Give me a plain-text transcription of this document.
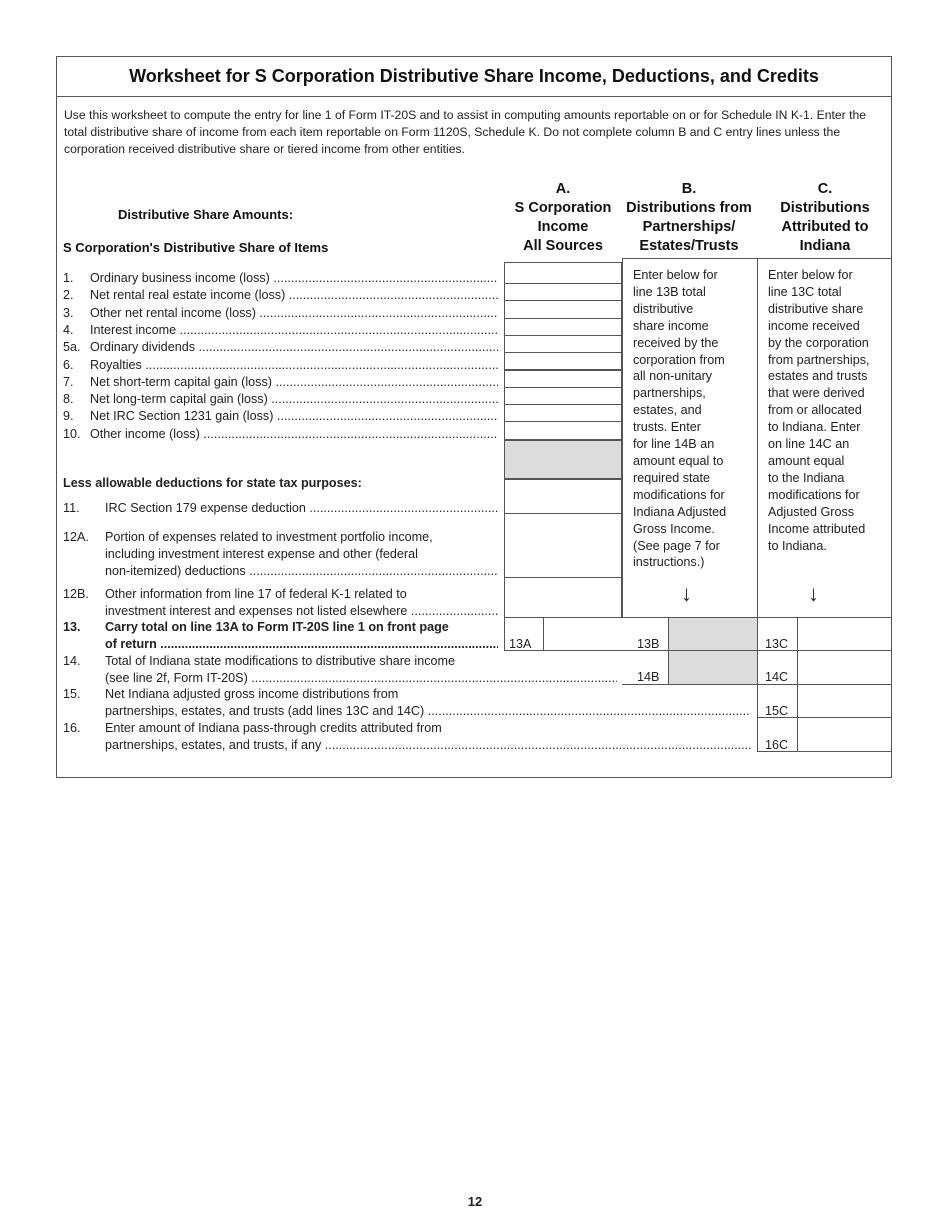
Worksheet for S Corporation Distributive Share Income, Deductions, and Credits
Use this worksheet to compute the entry for line 1 of Form IT-20S and to assist in computing amounts reportable on or for Schedule IN K-1. Enter the total distributive share of income from each item reportable on Form 1120S, Schedule K. Do not complete column B and C entry lines unless the corporation received distributive share or tiered income from other entities.
Distributive Share Amounts:
S Corporation's Distributive Share of Items
A.
S Corporation
Income
All Sources
B.
Distributions from
Partnerships/
Estates/Trusts
C.
Distributions
Attributed to
Indiana
1. Ordinary business income (loss) .....
2. Net rental real estate income (loss) .....
3. Other net rental income (loss) .....
4. Interest income .....
5a. Ordinary dividends .....
6. Royalties .....
7. Net short-term capital gain (loss) .....
8. Net long-term capital gain (loss) .....
9. Net IRC Section 1231 gain (loss) .....
10. Other income (loss) .....
Less allowable deductions for state tax purposes:
11. IRC Section 179 expense deduction .....
12A. Portion of expenses related to investment portfolio income,
including investment interest expense and other (federal
non-itemized) deductions .....
12B. Other information from line 17 of federal K-1 related to
investment interest and expenses not listed elsewhere .....
Enter below for
line 13B total
distributive
share income
received by the
corporation from
all non-unitary
partnerships,
estates, and
trusts. Enter
for line 14B an
amount equal to
required state
modifications for
Indiana Adjusted
Gross Income.
(See page 7 for
instructions.)
Enter below for
line 13C total
distributive share
income received
by the corporation
from partnerships,
estates and trusts
that were derived
from or allocated
to Indiana. Enter
on line 14C an
amount equal
to the Indiana
modifications for
Adjusted Gross
Income attributed
to Indiana.
↓	↓
13. Carry total on line 13A to Form IT-20S line 1 on front page
of return .....	13A	13B	13C
14. Total of Indiana state modifications to distributive share income
(see line 2f, Form IT-20S) .....	14B	14C
15. Net Indiana adjusted gross income distributions from
partnerships, estates, and trusts (add lines 13C and 14C) .....	15C
16. Enter amount of Indiana pass-through credits attributed from
partnerships, estates, and trusts, if any .....	16C
12
